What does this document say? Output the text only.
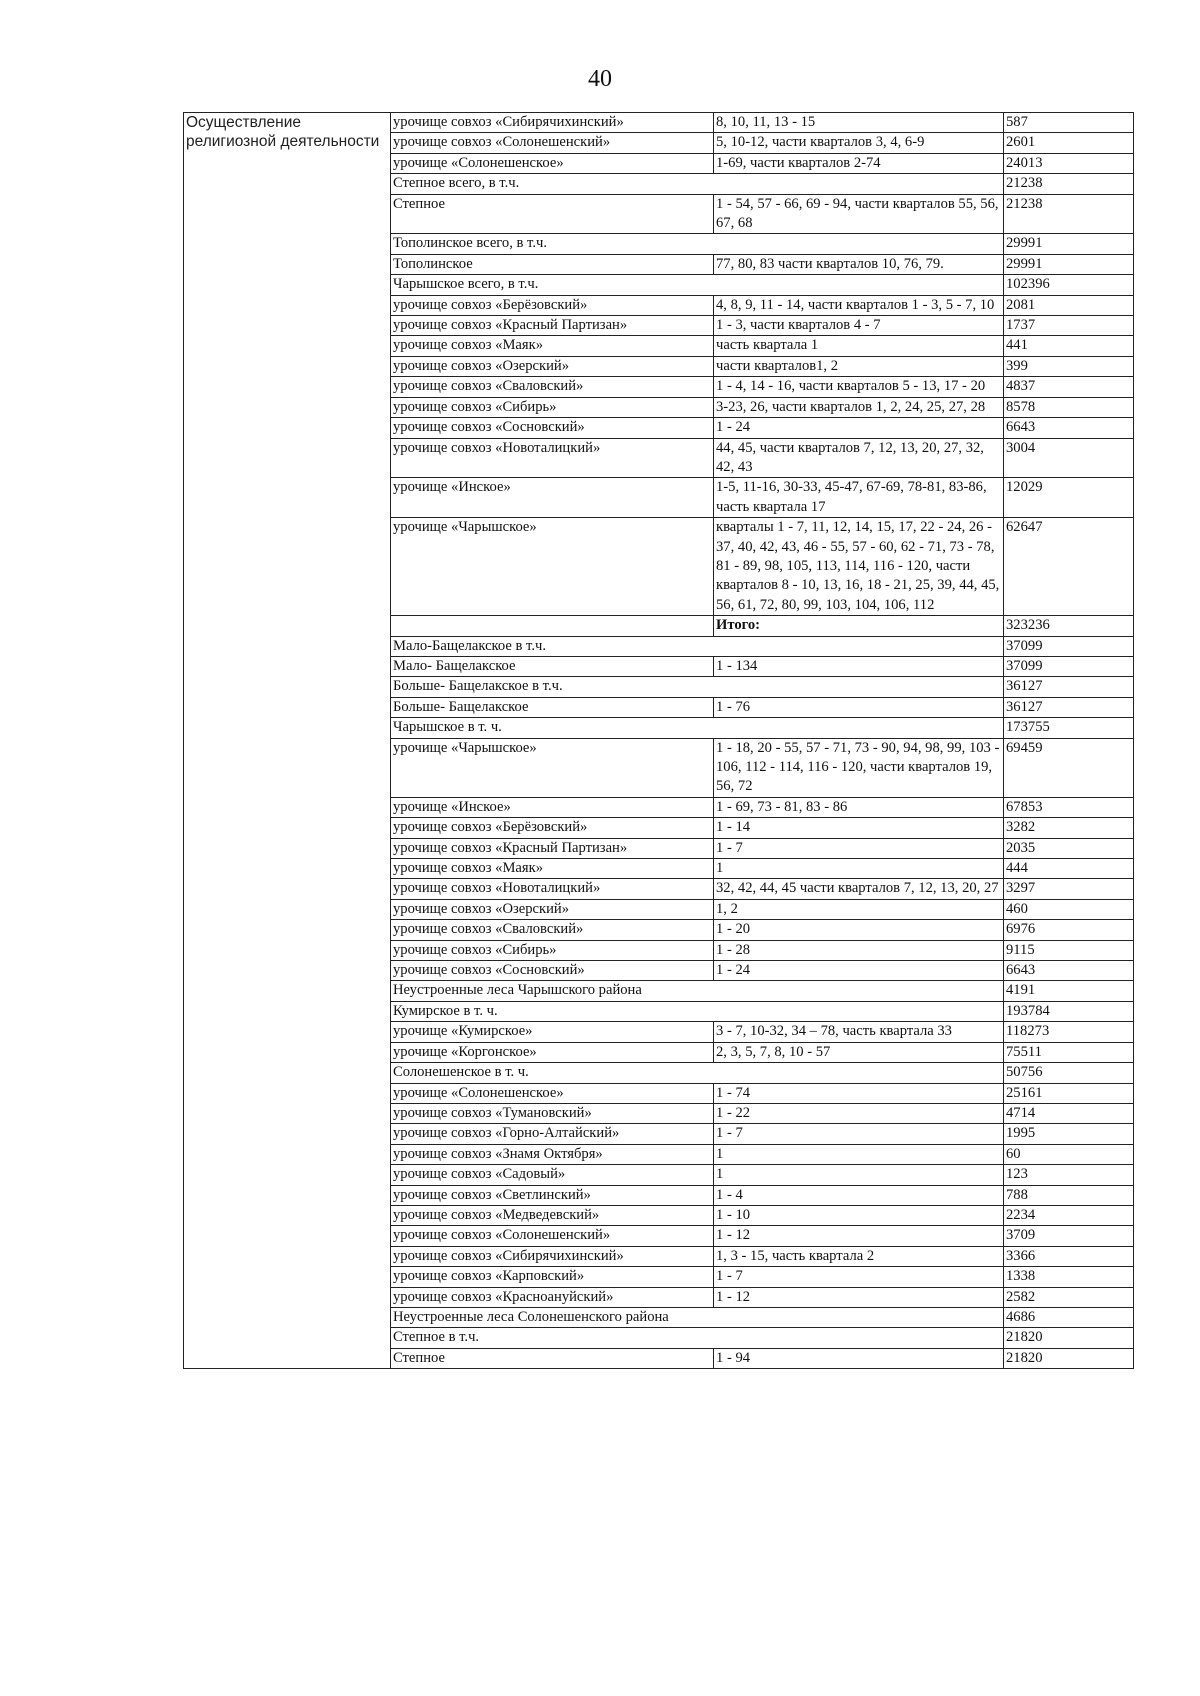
40
Осуществление религиозной деятельности	урочище совхоз «Сибирячихинский»	8, 10, 11, 13 - 15	587
	урочище совхоз «Солонешенский»	5, 10-12, части кварталов 3, 4, 6-9	2601
	урочище «Солонешенское»	1-69, части кварталов 2-74	24013
	Степное всего, в т.ч.		21238
	Степное	1 - 54, 57 - 66, 69 - 94, части кварталов 55, 56, 67, 68	21238
	Тополинское всего, в т.ч.		29991
	Тополинское	77, 80, 83 части кварталов 10, 76, 79.	29991
	Чарышское всего, в т.ч.		102396
	урочище совхоз «Берёзовский»	4, 8, 9, 11 - 14, части кварталов 1 - 3, 5 - 7, 10	2081
	урочище совхоз «Красный Партизан»	1 - 3, части кварталов 4 - 7	1737
	урочище совхоз «Маяк»	часть квартала 1	441
	урочище совхоз «Озерский»	части кварталов1, 2	399
	урочище совхоз «Сваловский»	1 - 4, 14 - 16, части кварталов 5 - 13, 17 - 20	4837
	урочище совхоз «Сибирь»	3-23, 26, части кварталов 1, 2, 24, 25, 27, 28	8578
	урочище совхоз «Сосновский»	1 - 24	6643
	урочище совхоз «Новоталицкий»	44, 45, части кварталов 7, 12, 13, 20, 27, 32, 42, 43	3004
	урочище «Инское»	1-5, 11-16, 30-33, 45-47, 67-69, 78-81, 83-86, часть квартала 17	12029
	урочище «Чарышское»	кварталы 1 - 7, 11, 12, 14, 15, 17, 22 - 24, 26 - 37, 40, 42, 43, 46 - 55, 57 - 60, 62 - 71, 73 - 78, 81 - 89, 98, 105, 113, 114, 116 - 120, части кварталов 8 - 10, 13, 16, 18 - 21, 25, 39, 44, 45, 56, 61, 72, 80, 99, 103, 104, 106, 112	62647
		Итого:	323236
	Мало-Бащелакское в т.ч.		37099
	Мало- Бащелакское	1 - 134	37099
	Больше- Бащелакское в т.ч.		36127
	Больше- Бащелакское	1 - 76	36127
	Чарышское в т. ч.		173755
	урочище «Чарышское»	1 - 18, 20 - 55, 57 - 71, 73 - 90, 94, 98, 99, 103 - 106, 112 - 114, 116 - 120, части кварталов 19, 56, 72	69459
	урочище «Инское»	1 - 69, 73 - 81, 83 - 86	67853
	урочище совхоз «Берёзовский»	1 - 14	3282
	урочище совхоз «Красный Партизан»	1 - 7	2035
	урочище совхоз «Маяк»	1	444
	урочище совхоз «Новоталицкий»	32, 42, 44, 45 части кварталов 7, 12, 13, 20, 27	3297
	урочище совхоз «Озерский»	1, 2	460
	урочище совхоз «Сваловский»	1 - 20	6976
	урочище совхоз «Сибирь»	1 - 28	9115
	урочище совхоз «Сосновский»	1 - 24	6643
	Неустроенные леса Чарышского района		4191
	Кумирское в т. ч.		193784
	урочище «Кумирское»	3 - 7, 10-32, 34 – 78, часть квартала 33	118273
	урочище «Коргонское»	2, 3, 5, 7, 8, 10 - 57	75511
	Солонешенское в т. ч.		50756
	урочище «Солонешенское»	1 - 74	25161
	урочище совхоз «Тумановский»	1 - 22	4714
	урочище совхоз «Горно-Алтайский»	1 - 7	1995
	урочище совхоз «Знамя Октября»	1	60
	урочище совхоз «Садовый»	1	123
	урочище совхоз «Светлинский»	1 - 4	788
	урочище совхоз «Медведевский»	1 - 10	2234
	урочище совхоз «Солонешенский»	1 - 12	3709
	урочище совхоз «Сибирячихинский»	1, 3 - 15, часть квартала 2	3366
	урочище совхоз «Карповский»	1 - 7	1338
	урочище совхоз «Красноануйский»	1 - 12	2582
	Неустроенные леса Солонешенского района		4686
	Степное в т.ч.		21820
	Степное	1 - 94	21820
